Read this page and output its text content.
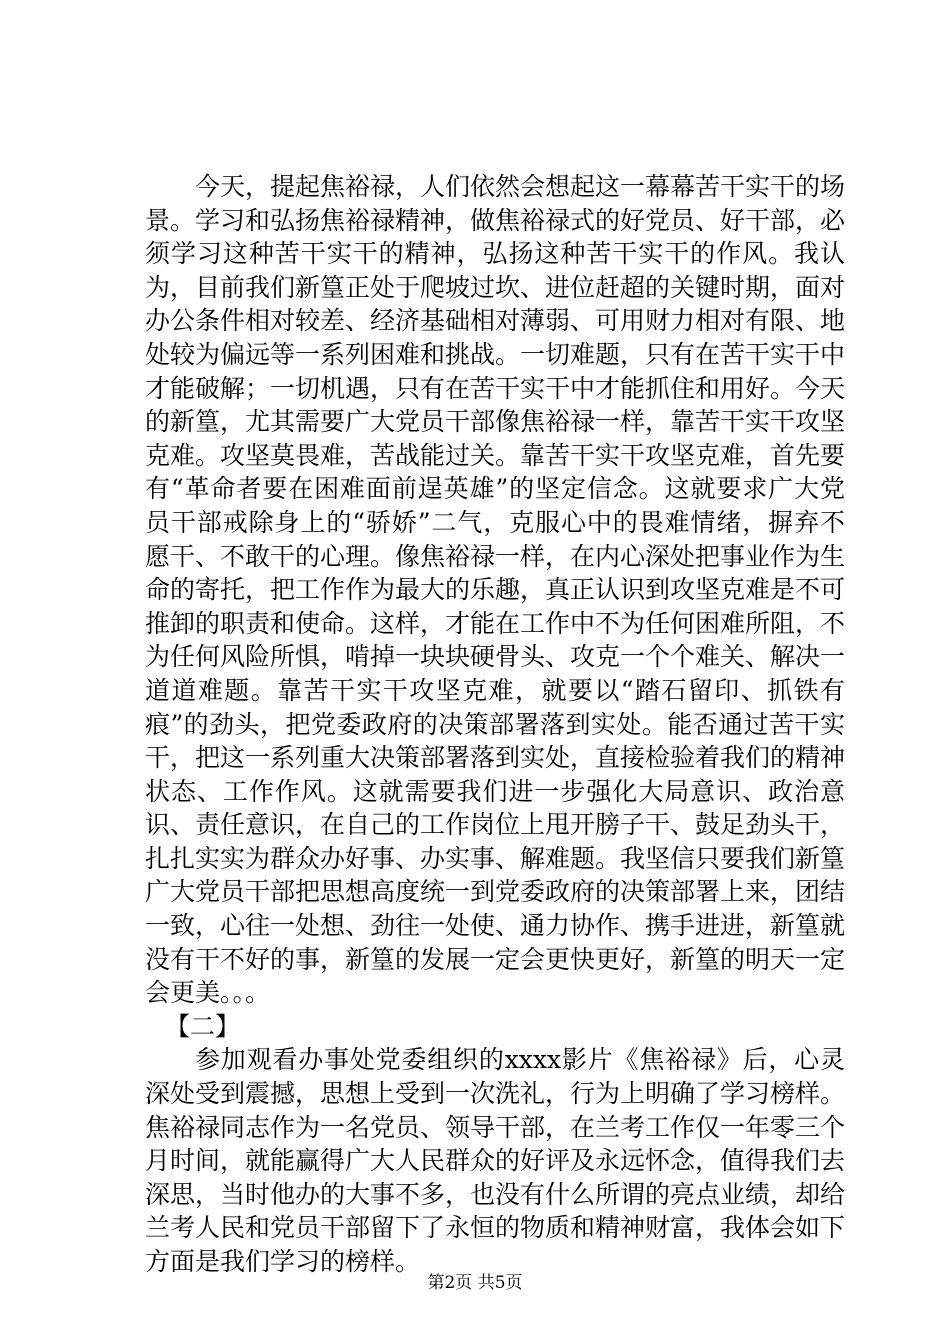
今天，提起焦裕禄，人们依然会想起这一幕幕苦干实干的场景。学习和弘扬焦裕禄精神，做焦裕禄式的好党员、好干部，必须学习这种苦干实干的精神，弘扬这种苦干实干的作风。我认为，目前我们新篁正处于爬坡过坎、进位赶超的关键时期，面对办公条件相对较差、经济基础相对薄弱、可用财力相对有限、地处较为偏远等一系列困难和挑战。一切难题，只有在苦干实干中才能破解；一切机遇，只有在苦干实干中才能抓住和用好。今天的新篁，尤其需要广大党员干部像焦裕禄一样，靠苦干实干攻坚克难。攻坚莫畏难，苦战能过关。靠苦干实干攻坚克难，首先要有“革命者要在困难面前逞英雄”的坚定信念。这就要求广大党员干部戒除身上的“骄娇”二气，克服心中的畏难情绪，摒弃不愿干、不敢干的心理。像焦裕禄一样，在内心深处把事业作为生命的寄托，把工作作为最大的乐趣，真正认识到攻坚克难是不可推卸的职责和使命。这样，才能在工作中不为任何困难所阻，不为任何风险所惧，啃掉一块块硬骨头、攻克一个个难关、解决一道道难题。靠苦干实干攻坚克难，就要以“踏石留印、抓铁有痕”的劲头，把党委政府的决策部署落到实处。能否通过苦干实干，把这一系列重大决策部署落到实处，直接检验着我们的精神状态、工作作风。这就需要我们进一步强化大局意识、政治意识、责任意识，在自己的工作岗位上甩开膀子干、鼓足劲头干，扎扎实实为群众办好事、办实事、解难题。我坚信只要我们新篁广大党员干部把思想高度统一到党委政府的决策部署上来，团结一致，心往一处想、劲往一处使、通力协作、携手进进，新篁就没有干不好的事，新篁的发展一定会更快更好，新篁的明天一定会更美。。。

【二】

参加观看办事处党委组织的xxxx影片《焦裕禄》后，心灵深处受到震撼，思想上受到一次洗礼，行为上明确了学习榜样。焦裕禄同志作为一名党员、领导干部，在兰考工作仅一年零三个月时间，就能赢得广大人民群众的好评及永远怀念，值得我们去深思，当时他办的大事不多，也没有什么所谓的亮点业绩，却给兰考人民和党员干部留下了永恒的物质和精神财富，我体会如下方面是我们学习的榜样。

第2页 共5页
